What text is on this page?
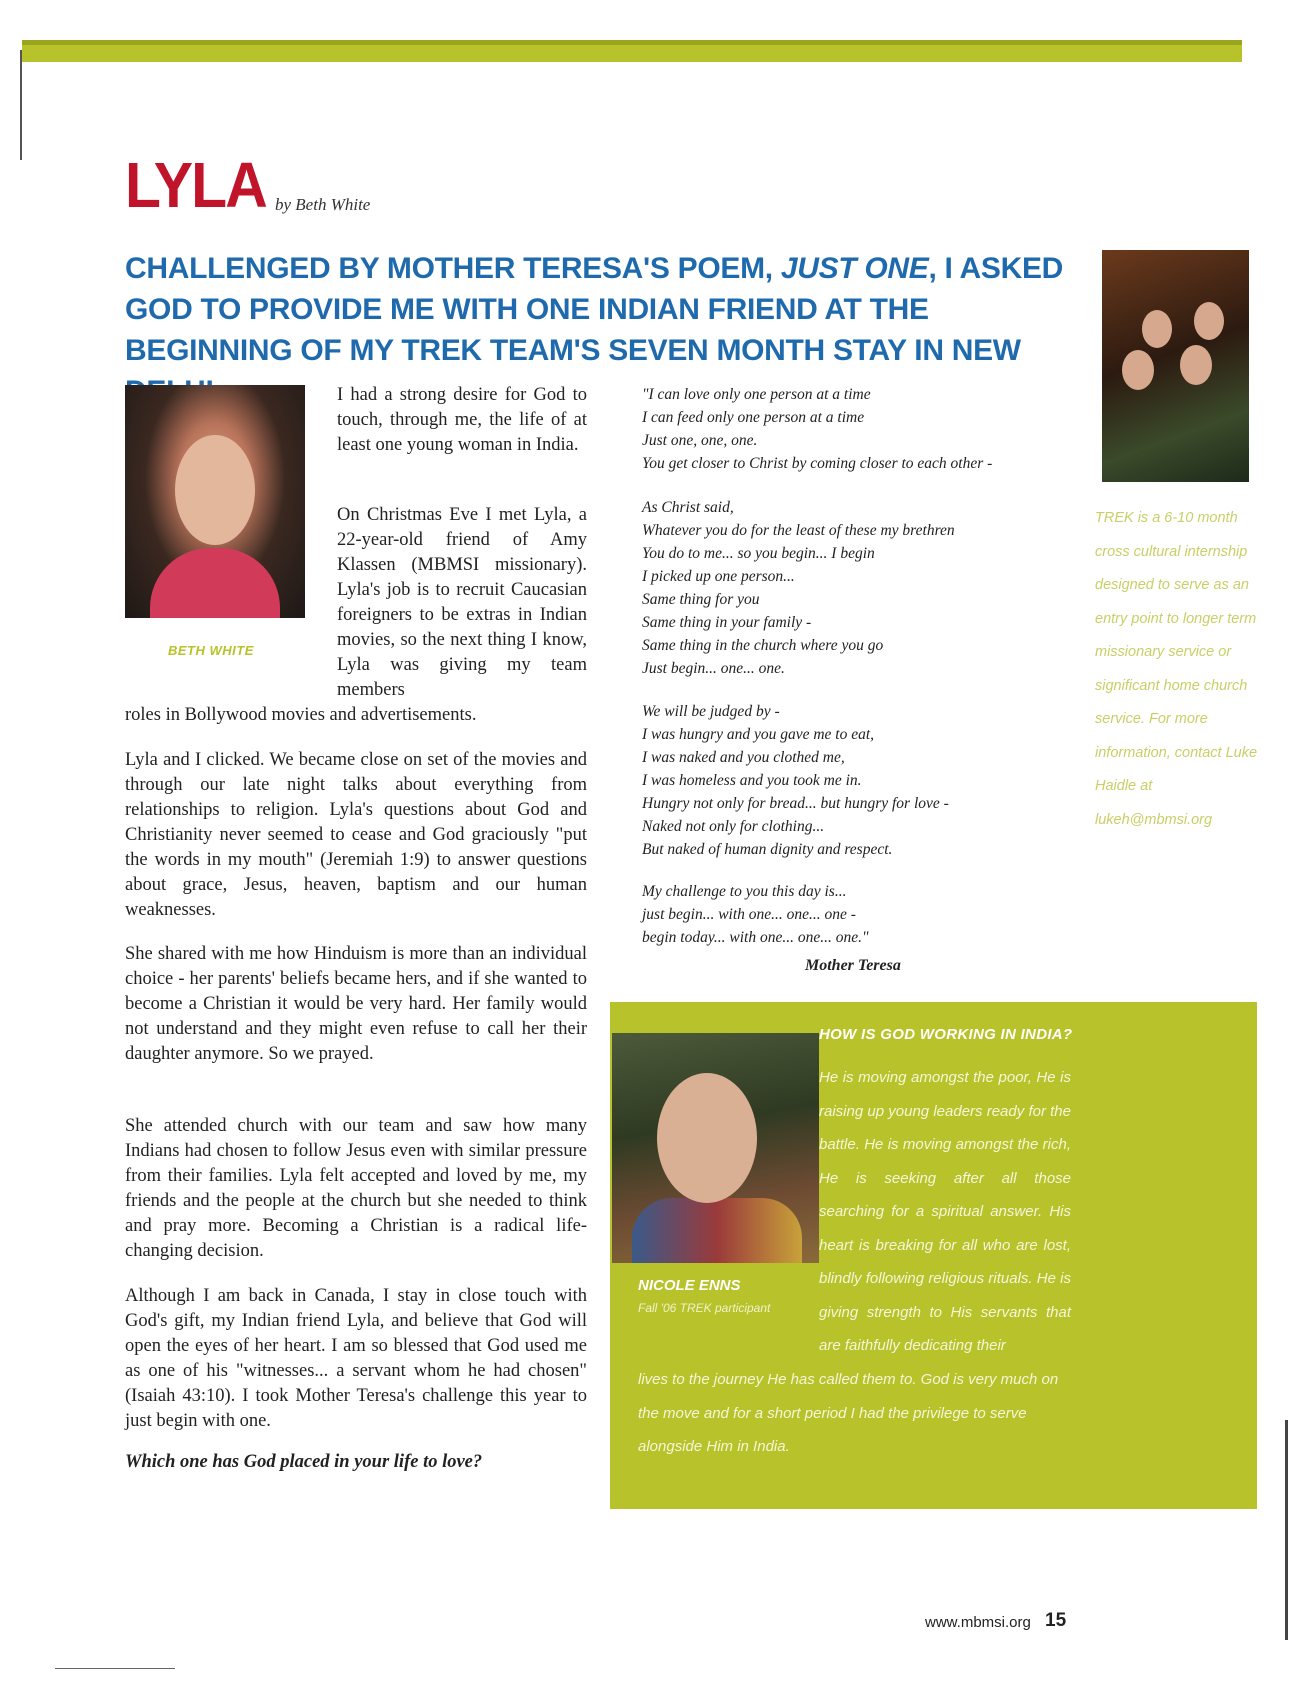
LYLA by Beth White
CHALLENGED BY MOTHER TERESA'S POEM, JUST ONE, I ASKED GOD TO PROVIDE ME WITH ONE INDIAN FRIEND AT THE BEGINNING OF MY TREK TEAM'S SEVEN MONTH STAY IN NEW
BETH WHITE
I had a strong desire for God to touch, through me, the life of at least one young woman in India.
On Christmas Eve I met Lyla, a 22-year-old friend of Amy Klassen (MBMSI missionary). Lyla's job is to recruit Caucasian foreigners to be extras in Indian movies, so the next thing I know, Lyla was giving my team members
roles in Bollywood movies and advertisements.
Lyla and I clicked. We became close on set of the movies and through our late night talks about everything from relationships to religion. Lyla's questions about God and Christianity never seemed to cease and God graciously "put the words in my mouth" (Jeremiah 1:9) to answer questions about grace, Jesus, heaven, baptism and our human weaknesses.
She shared with me how Hinduism is more than an individual choice - her parents' beliefs became hers, and if she wanted to become a Christian it would be very hard. Her family would not understand and they might even refuse to call her their daughter anymore. So we prayed.
She attended church with our team and saw how many Indians had chosen to follow Jesus even with similar pressure from their families. Lyla felt accepted and loved by me, my friends and the people at the church but she needed to think and pray more. Becoming a Christian is a radical life-changing decision.
Although I am back in Canada, I stay in close touch with God's gift, my Indian friend Lyla, and believe that God will open the eyes of her heart. I am so blessed that God used me as one of his "witnesses... a servant whom he had chosen" (Isaiah 43:10). I took Mother Teresa's challenge this year to just begin with one.
Which one has God placed in your life to love?
"I can love only one person at a time
I can feed only one person at a time
Just one, one, one.
You get closer to Christ by coming closer to each other -
As Christ said,
Whatever you do for the least of these my brethren
You do to me... so you begin... I begin
I picked up one person...
Same thing for you
Same thing in your family -
Same thing in the church where you go
Just begin... one... one.
We will be judged by -
I was hungry and you gave me to eat,
I was naked and you clothed me,
I was homeless and you took me in.
Hungry not only for bread... but hungry for love -
Naked not only for clothing...
But naked of human dignity and respect.
My challenge to you this day is...
just begin... with one... one... one -
begin today... with one... one... one."
Mother Teresa
TREK is a 6-10 month cross cultural internship designed to serve as an entry point to longer term missionary service or significant home church service. For more information, contact Luke Haidle at lukeh@mbmsi.org
HOW IS GOD WORKING IN INDIA?
He is moving amongst the poor, He is raising up young leaders ready for the battle. He is moving amongst the rich, He is seeking after all those searching for a spiritual answer. His heart is breaking for all who are lost, blindly following religious rituals. He is giving strength to His servants that are faithfully dedicating their
lives to the journey He has called them to. God is very much on the move and for a short period I had the privilege to serve alongside Him in India.
NICOLE ENNS
Fall '06 TREK participant
www.mbmsi.org 15
